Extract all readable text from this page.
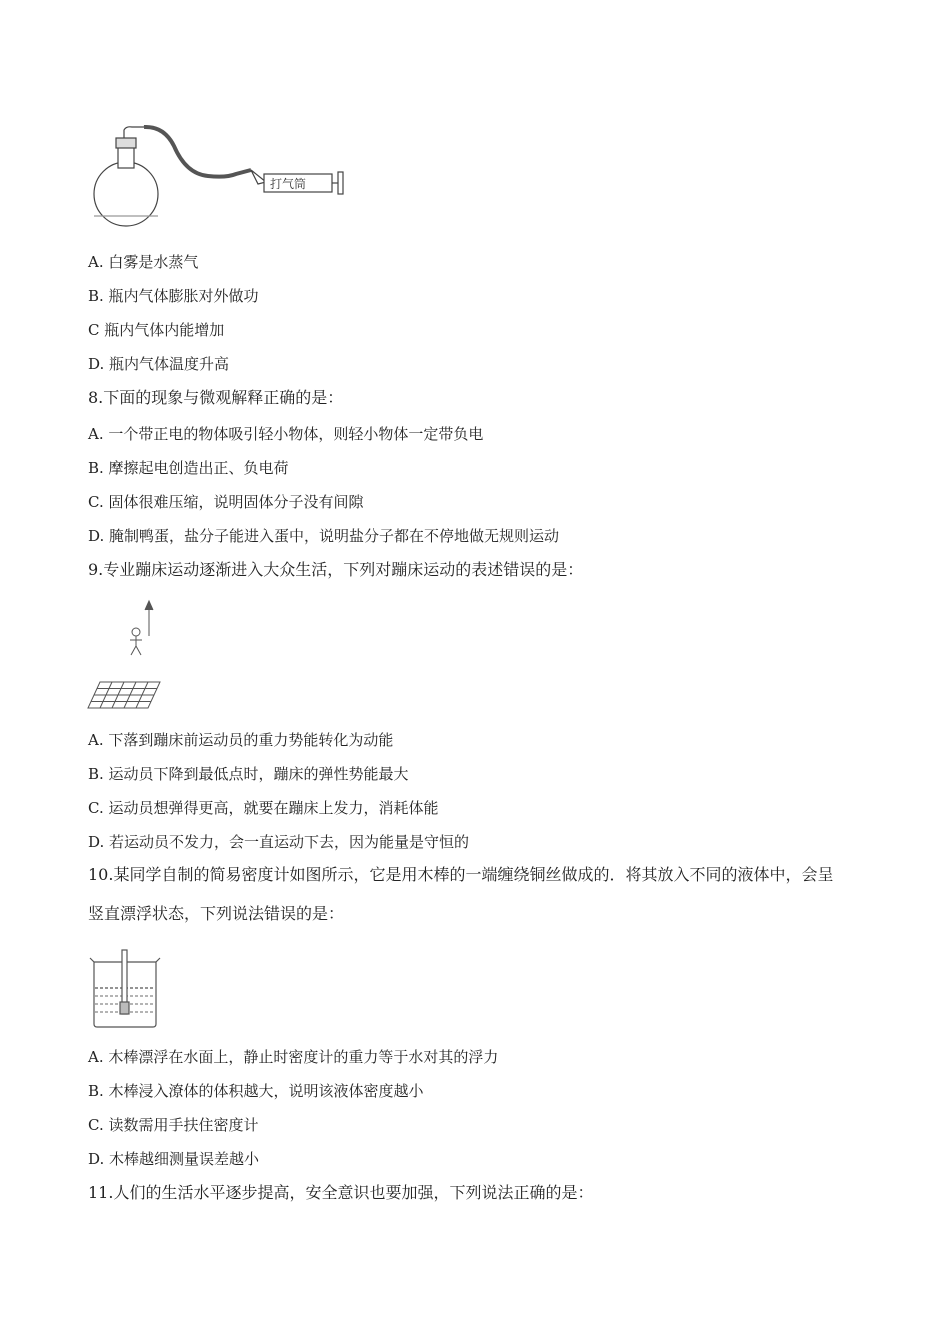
打气筒
A. 白雾是水蒸气
B. 瓶内气体膨胀对外做功
C 瓶内气体内能增加
D. 瓶内气体温度升高
8.下面的现象与微观解释正确的是：
A. 一个带正电的物体吸引轻小物体，则轻小物体一定带负电
B. 摩擦起电创造出正、负电荷
C. 固体很难压缩，说明固体分子没有间隙
D. 腌制鸭蛋，盐分子能进入蛋中，说明盐分子都在不停地做无规则运动
9.专业蹦床运动逐渐进入大众生活，下列对蹦床运动的表述错误的是：
A. 下落到蹦床前运动员的重力势能转化为动能
B. 运动员下降到最低点时，蹦床的弹性势能最大
C. 运动员想弹得更高，就要在蹦床上发力，消耗体能
D. 若运动员不发力，会一直运动下去，因为能量是守恒的
10.某同学自制的简易密度计如图所示，它是用木棒的一端缠绕铜丝做成的．将其放入不同的液体中，会呈
竖直漂浮状态，下列说法错误的是：
A. 木棒漂浮在水面上，静止时密度计的重力等于水对其的浮力
B. 木棒浸入潦体的体积越大，说明该液体密度越小
C. 读数需用手扶住密度计
D. 木棒越细测量误差越小
11.人们的生活水平逐步提高，安全意识也要加强，下列说法正确的是：
